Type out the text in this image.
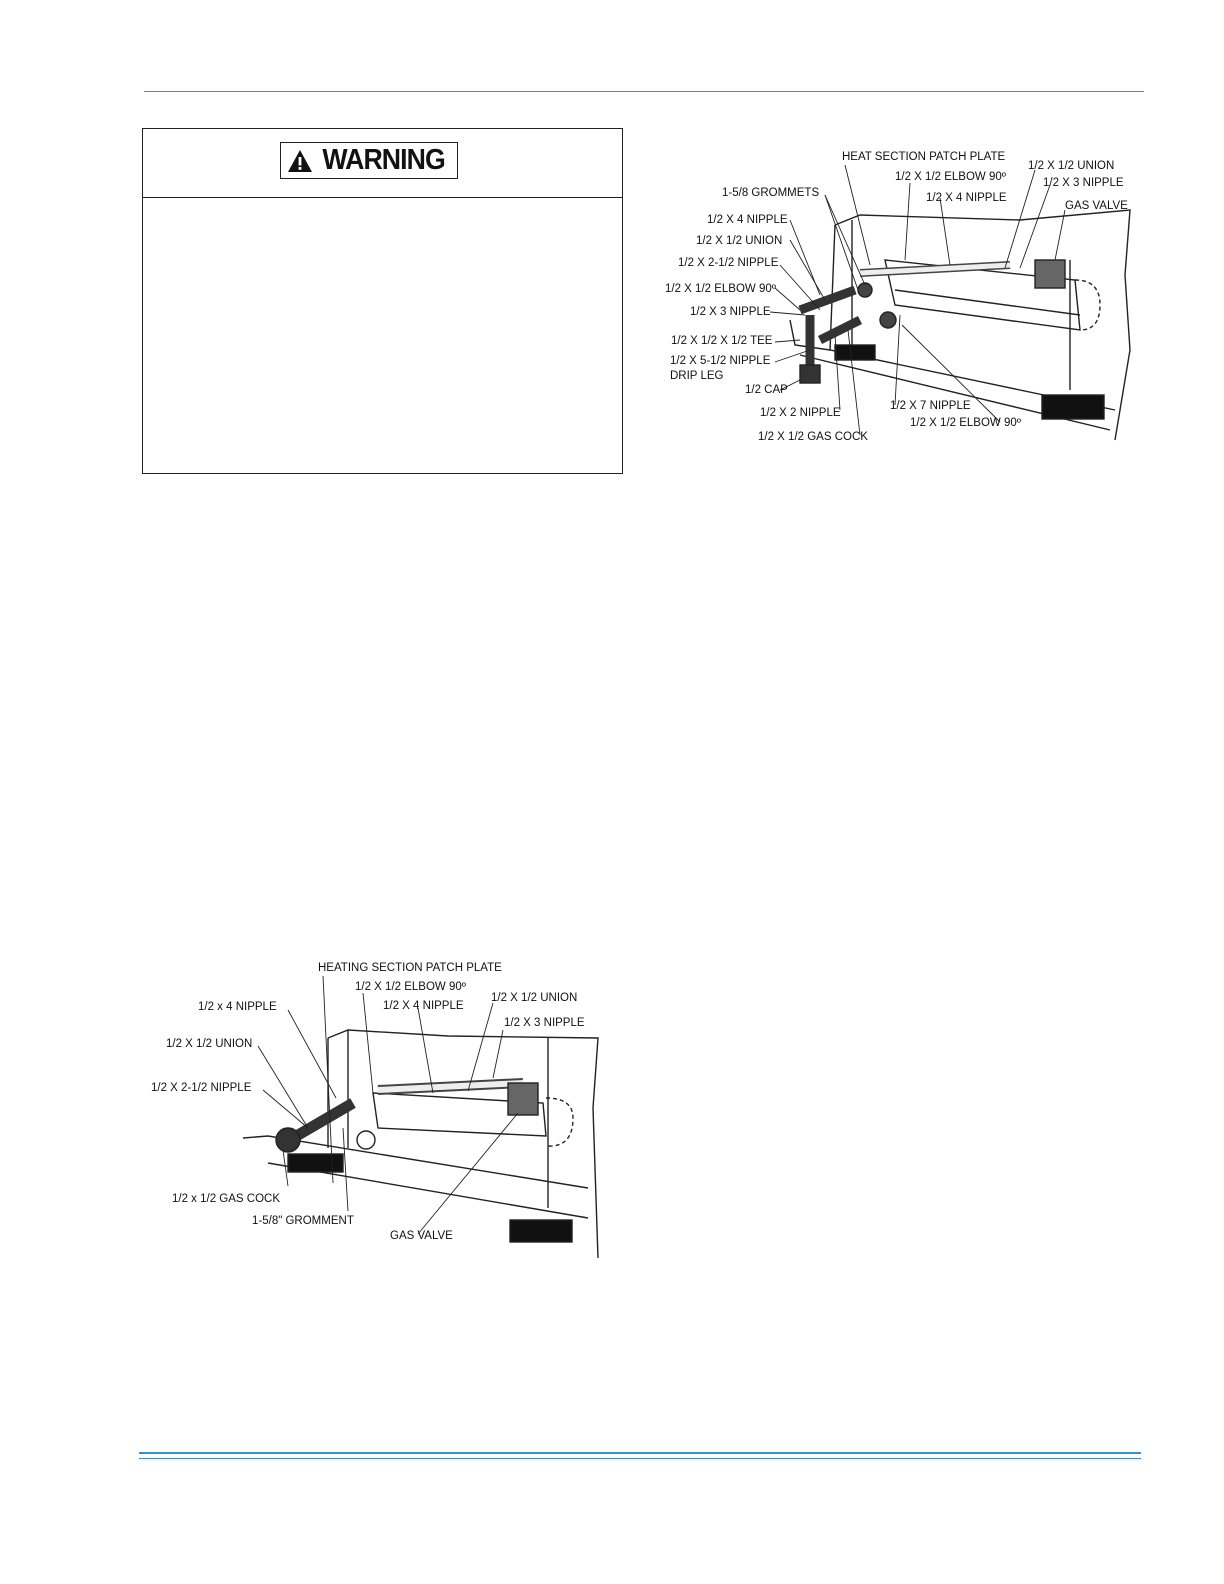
WARNING	HEAT SECTION PATCH PLATE
1/2 X 1/2 UNION
1/2 X 1/2 ELBOW 90º	1/2 X 3 NIPPLE
1-5/8 GROMMETS	1/2 X 4 NIPPLE
GAS VALVE
1/2 X 4 NIPPLE
1/2 X 1/2 UNION
1/2 X 2-1/2 NIPPLE
1/2 X 1/2 ELBOW 90º
1/2 X 3 NIPPLE
1/2 X 1/2 X 1/2 TEE
1/2 X 5-1/2 NIPPLE
DRIP LEG
1/2 CAP
1/2 X 7 NIPPLE
1/2 X 2 NIPPLE
1/2 X 1/2 ELBOW 90º
1/2 X 1/2 GAS COCK
HEATING SECTION PATCH PLATE
1/2 X 1/2 ELBOW 90º
1/2 x 4 NIPPLE
1/2 X 1/2 UNION
1/2 X 4 NIPPLE
1/2 X 3 NIPPLE
1/2 X 1/2 UNION
1/2 X 2-1/2 NIPPLE
1/2 x 1/2 GAS COCK
1-5/8" GROMMENT
GAS VALVE
